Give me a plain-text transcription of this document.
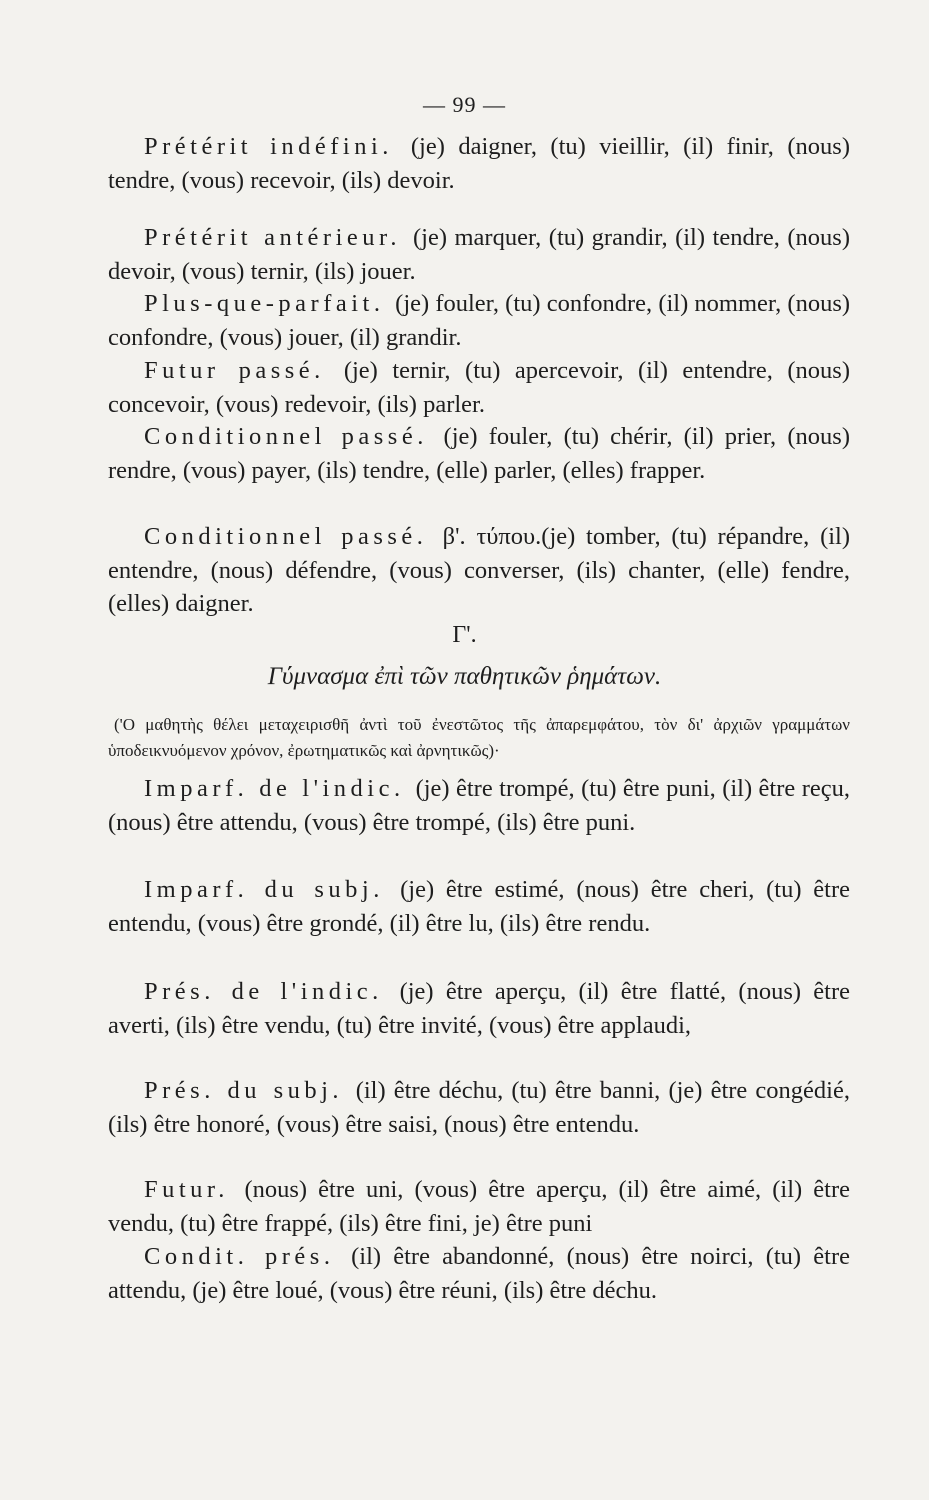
— 99 —
Prétérit indéfini. (je) daigner, (tu) vieillir, (il) finir, (nous) tendre, (vous) recevoir, (ils) devoir.
Prétérit antérieur. (je) marquer, (tu) grandir, (il) tendre, (nous) devoir, (vous) ternir, (ils) jouer.
Plus-que-parfait. (je) fouler, (tu) confondre, (il) nommer, (nous) confondre, (vous) jouer, (il) grandir.
Futur passé. (je) ternir, (tu) apercevoir, (il) entendre, (nous) concevoir, (vous) redevoir, (ils) parler.
Conditionnel passé. (je) fouler, (tu) chérir, (il) prier, (nous) rendre, (vous) payer, (ils) tendre, (elle) parler, (elles) frapper.
Conditionnel passé. β'. τύπου.(je) tomber, (tu) répandre, (il) entendre, (nous) défendre, (vous) converser, (ils) chanter, (elle) fendre, (elles) daigner.
Γ'.
Γύμνασμα ἐπὶ τῶν παθητικῶν ῥημάτων.
('Ο μαθητὴς θέλει μεταχειρισθῆ ἀντὶ τοῦ ἐνεστῶτος τῆς ἀπαρεμφάτου, τὸν δι' ἀρχιῶν γραμμάτων ὑποδεικνυόμενον χρόνον, ἐρωτηματικῶς καὶ ἀρνητικῶς)·
Imparf. de l'indic. (je) être trompé, (tu) être puni, (il) être reçu, (nous) être attendu, (vous) être trompé, (ils) être puni.
Imparf. du subj. (je) être estimé, (nous) être cheri, (tu) être entendu, (vous) être grondé, (il) être lu, (ils) être rendu.
Prés. de l'indic. (je) être aperçu, (il) être flatté, (nous) être averti, (ils) être vendu, (tu) être invité, (vous) être applaudi,
Prés. du subj. (il) être déchu, (tu) être banni, (je) être congédié, (ils) être honoré, (vous) être saisi, (nous) être entendu.
Futur. (nous) être uni, (vous) être aperçu, (il) être aimé, (il) être vendu, (tu) être frappé, (ils) être fini, je) être puni
Condit. prés. (il) être abandonné, (nous) être noirci, (tu) être attendu, (je) être loué, (vous) être réuni, (ils) être déchu.
